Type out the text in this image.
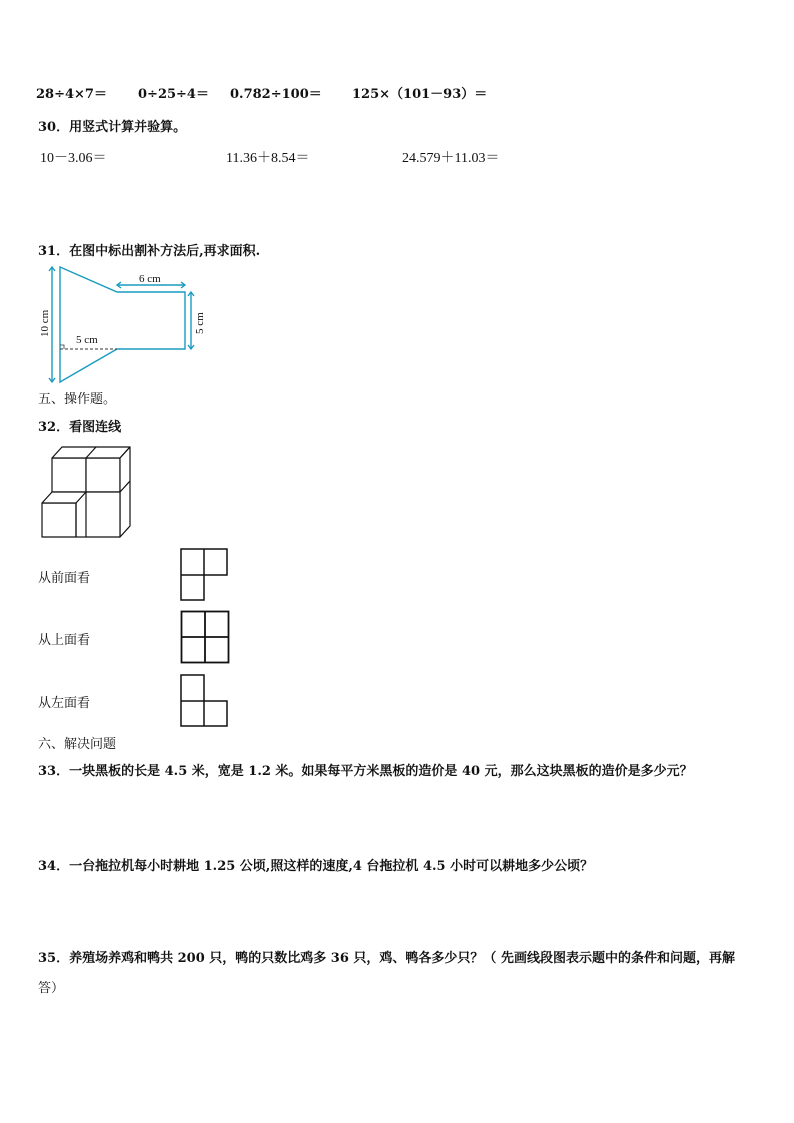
28÷4×7＝ 0÷25÷4＝ 0.782÷100＝ 125×（101－93）＝
30．用竖式计算并验算。
10－3.06＝	11.36＋8.54＝	24.579＋11.03＝
31．在图中标出割补方法后,再求面积.
6 cm
5 cm
10 cm	5 cm
五、操作题。
32．看图连线
从前面看
从上面看
从左面看
六、解决问题
33．一块黑板的长是 4.5 米，宽是 1.2 米。如果每平方米黑板的造价是 40 元，那么这块黑板的造价是多少元？
34．一台拖拉机每小时耕地 1.25 公顷,照这样的速度,4 台拖拉机 4.5 小时可以耕地多少公顷？
35．养殖场养鸡和鸭共 200 只，鸭的只数比鸡多 36 只，鸡、鸭各多少只？（ 先画线段图表示题中的条件和问题，再解
答）
